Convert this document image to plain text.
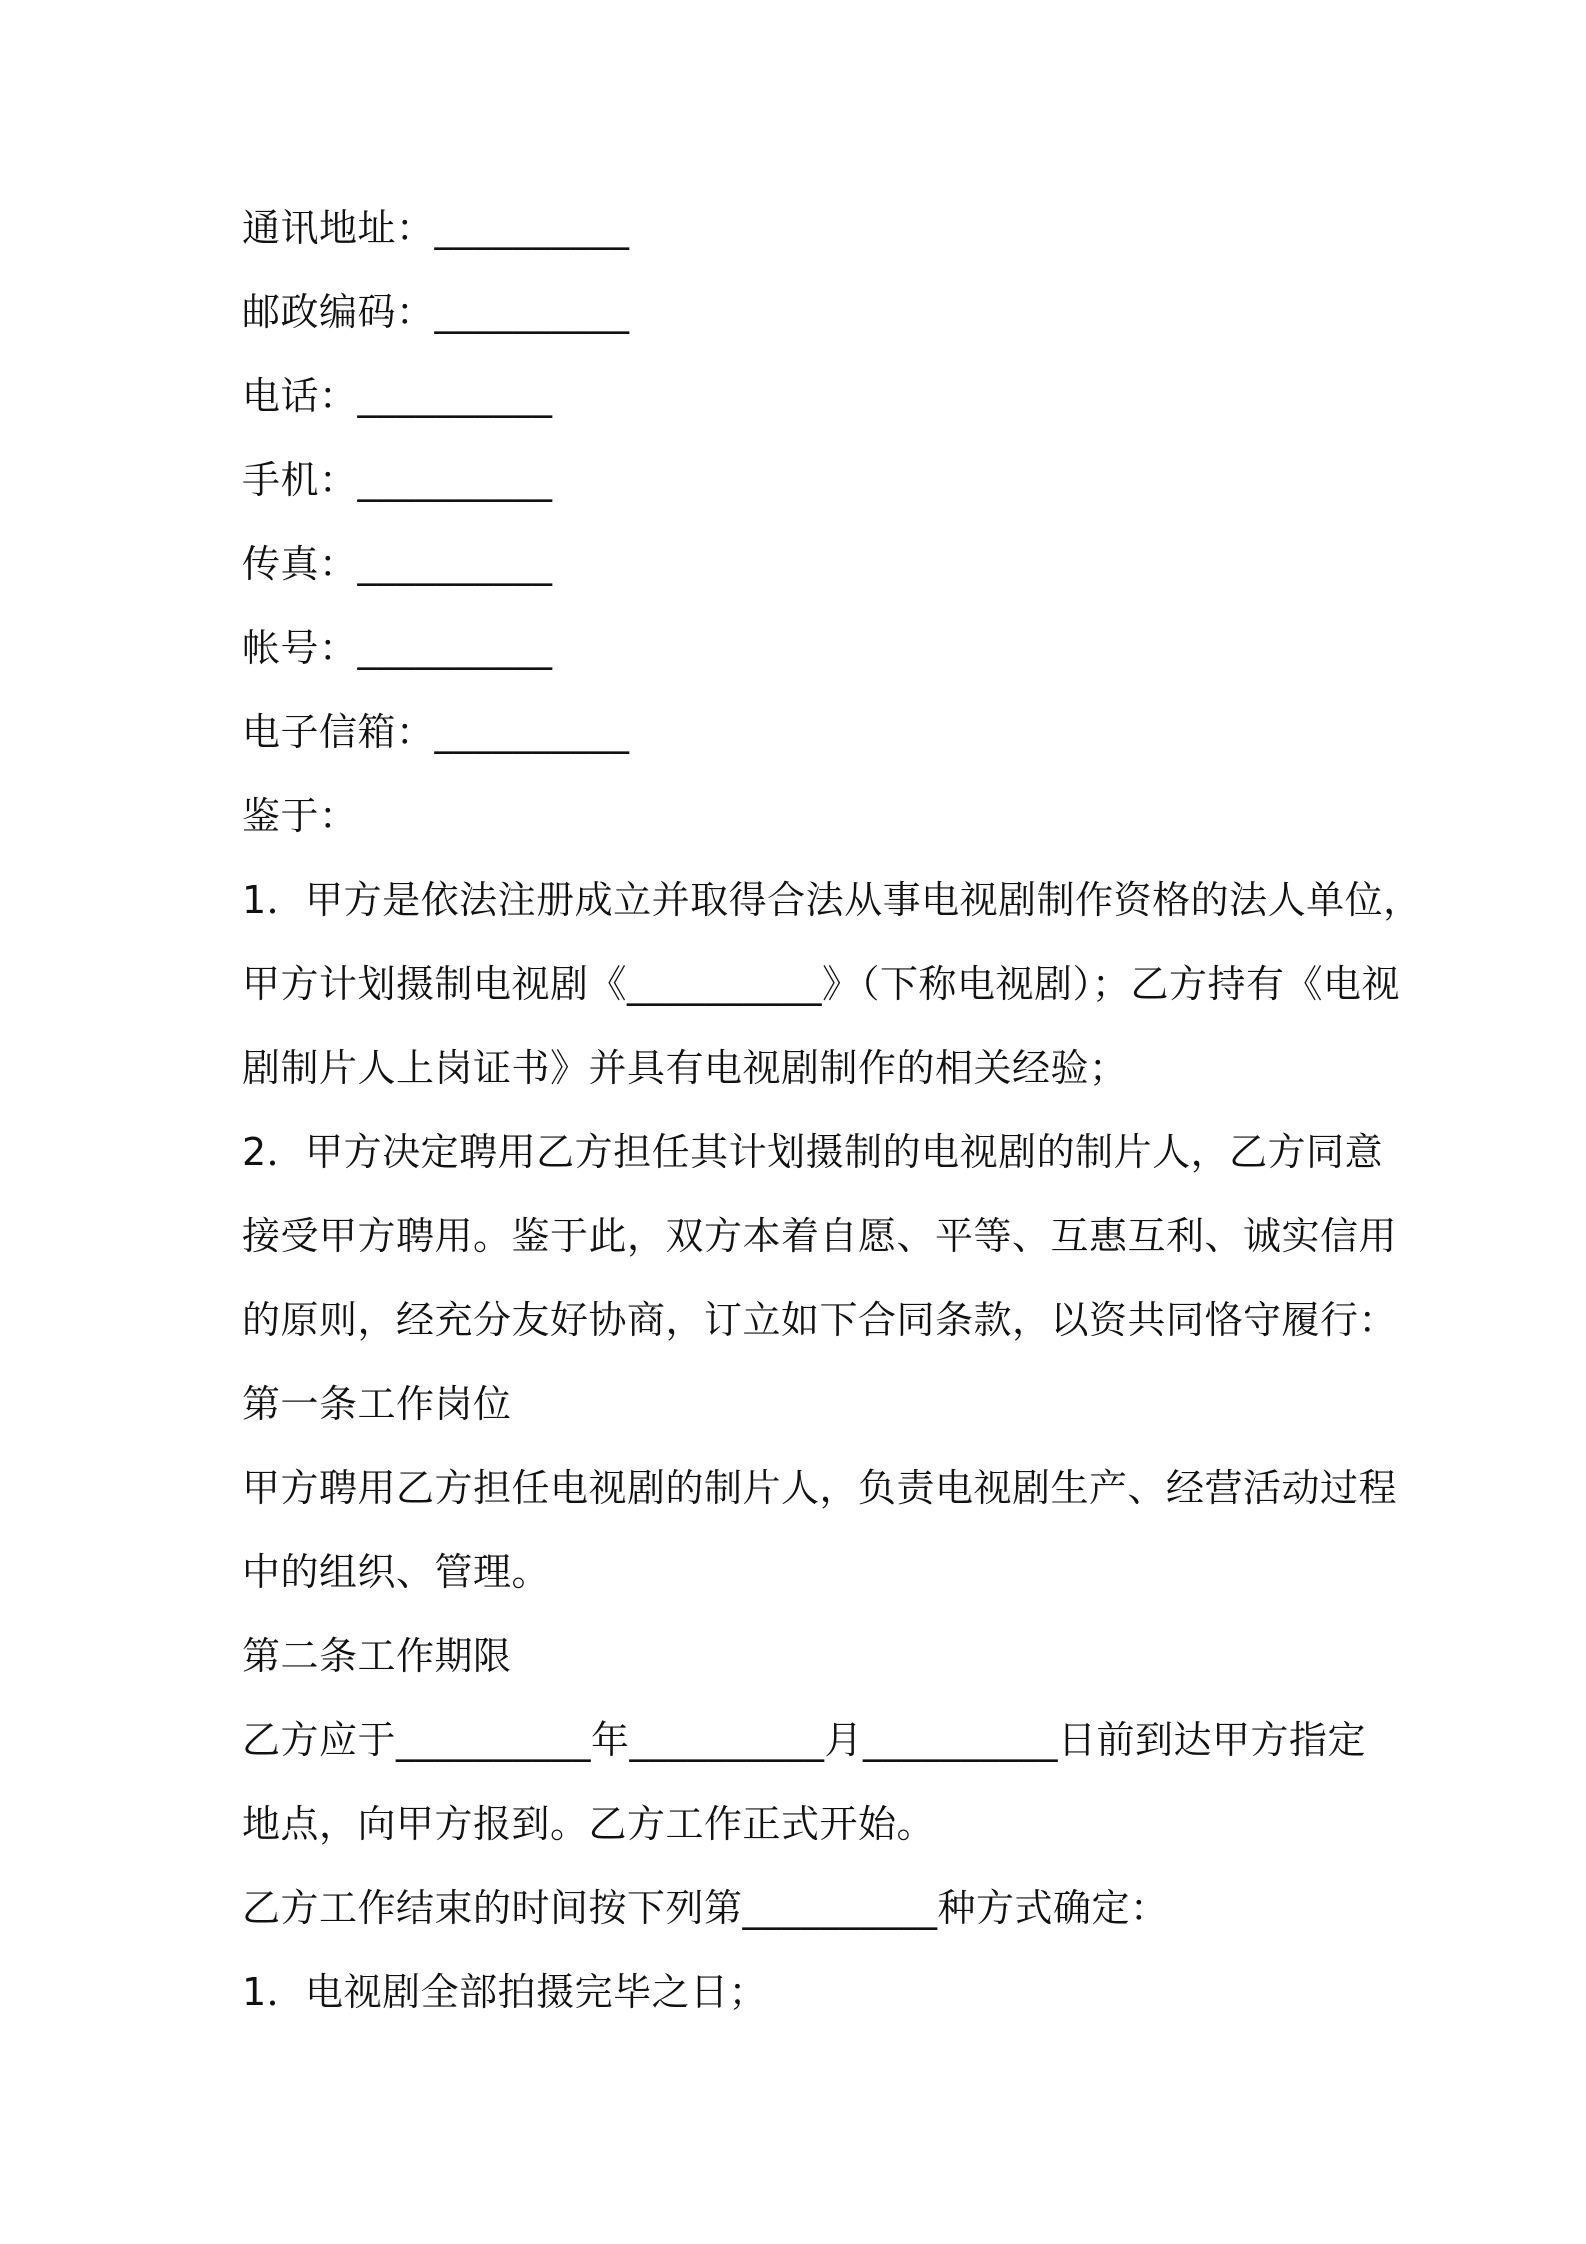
通讯地址：__________
邮政编码：__________
电话：__________
手机：__________
传真：__________
帐号：__________
电子信箱：__________
鉴于：
1．甲方是依法注册成立并取得合法从事电视剧制作资格的法人单位，
甲方计划摄制电视剧《__________》（下称电视剧）；乙方持有《电视
剧制片人上岗证书》并具有电视剧制作的相关经验；
2．甲方决定聘用乙方担任其计划摄制的电视剧的制片人，乙方同意
接受甲方聘用。鉴于此，双方本着自愿、平等、互惠互利、诚实信用
的原则，经充分友好协商，订立如下合同条款，以资共同恪守履行：
第一条工作岗位
甲方聘用乙方担任电视剧的制片人，负责电视剧生产、经营活动过程
中的组织、管理。
第二条工作期限
乙方应于__________年__________月__________日前到达甲方指定
地点，向甲方报到。乙方工作正式开始。
乙方工作结束的时间按下列第__________种方式确定：
1．电视剧全部拍摄完毕之日；
